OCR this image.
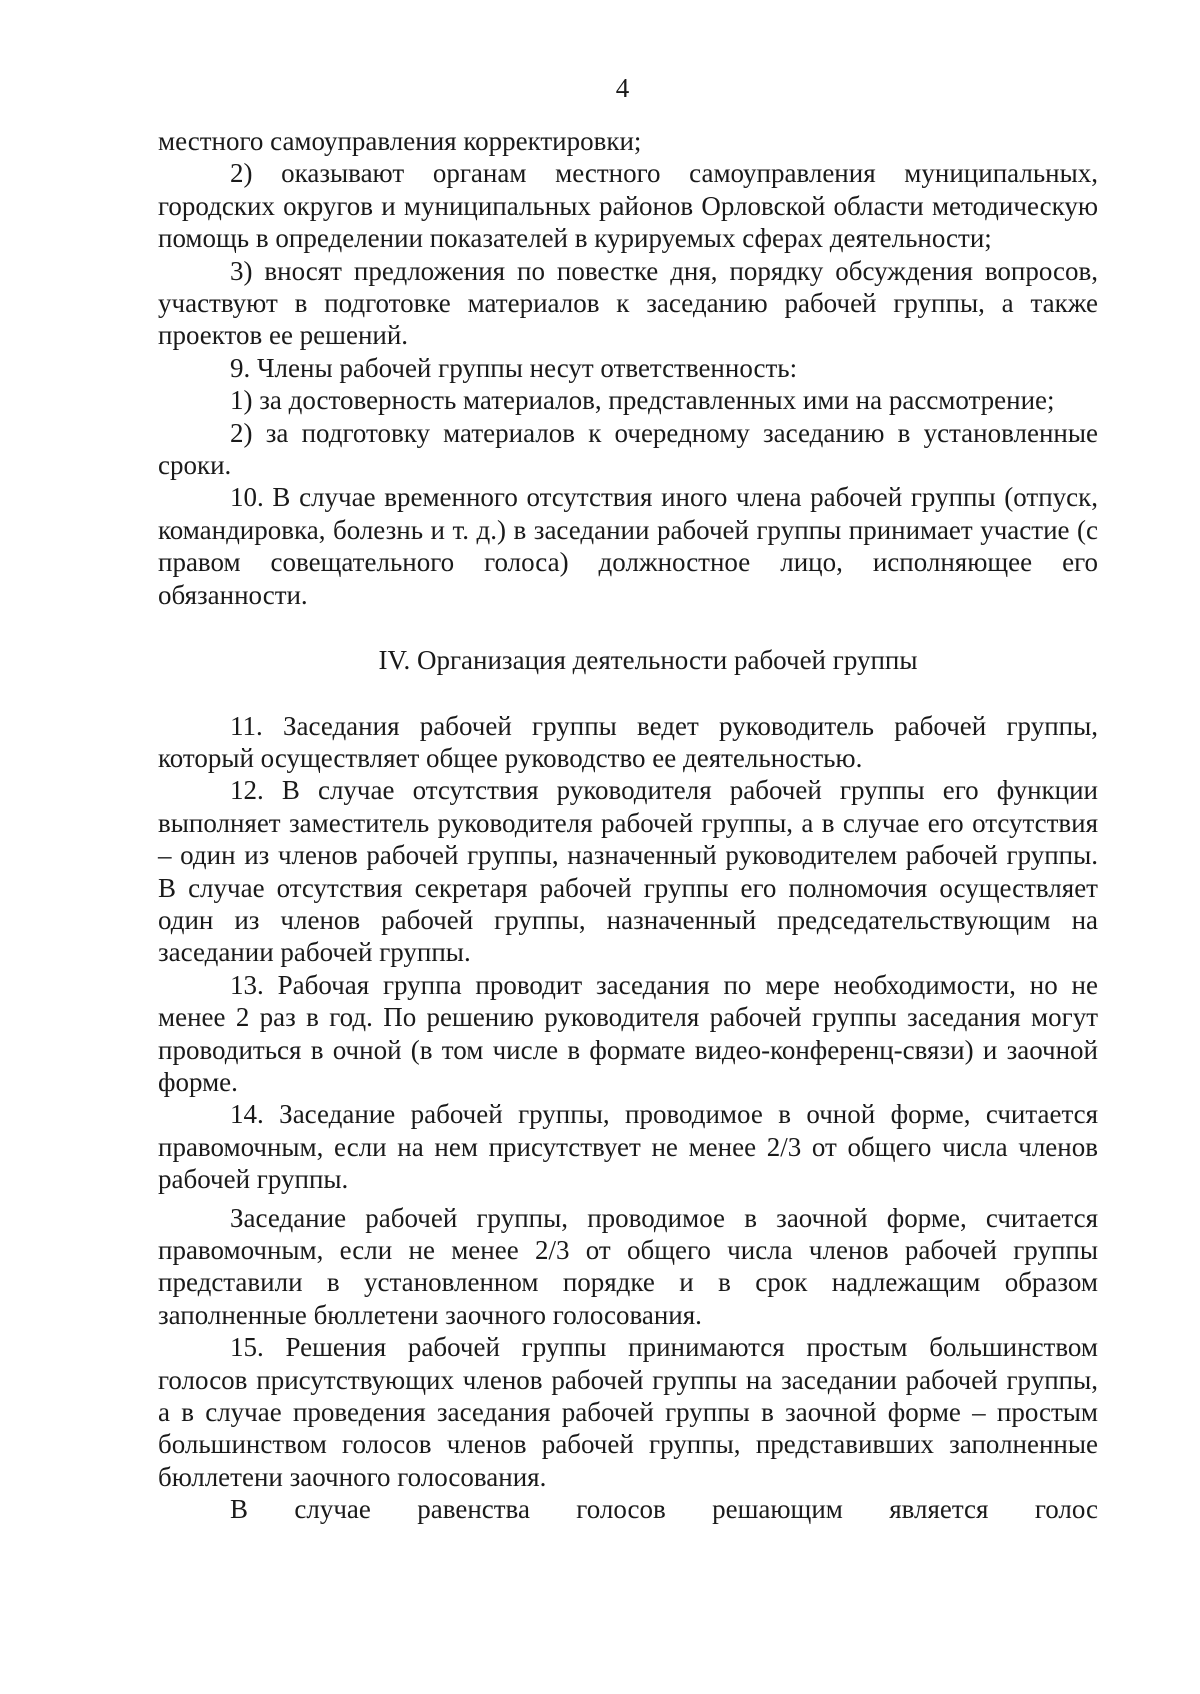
4

местного самоуправления корректировки;

2) оказывают органам местного самоуправления муниципальных, городских округов и муниципальных районов Орловской области методическую помощь в определении показателей в курируемых сферах деятельности;

3) вносят предложения по повестке дня, порядку обсуждения вопросов, участвуют в подготовке материалов к заседанию рабочей группы, а также проектов ее решений.

9. Члены рабочей группы несут ответственность:

1) за достоверность материалов, представленных ими на рассмотрение;

2) за подготовку материалов к очередному заседанию в установленные сроки.

10. В случае временного отсутствия иного члена рабочей группы (отпуск, командировка, болезнь и т. д.) в заседании рабочей группы принимает участие (с правом совещательного голоса) должностное лицо, исполняющее его обязанности.

IV. Организация деятельности рабочей группы

11. Заседания рабочей группы ведет руководитель рабочей группы, который осуществляет общее руководство ее деятельностью.

12. В случае отсутствия руководителя рабочей группы его функции выполняет заместитель руководителя рабочей группы, а в случае его отсутствия – один из членов рабочей группы, назначенный руководителем рабочей группы. В случае отсутствия секретаря рабочей группы его полномочия осуществляет один из членов рабочей группы, назначенный председательствующим на заседании рабочей группы.

13. Рабочая группа проводит заседания по мере необходимости, но не менее 2 раз в год. По решению руководителя рабочей группы заседания могут проводиться в очной (в том числе в формате видео-конференц-связи) и заочной форме.

14. Заседание рабочей группы, проводимое в очной форме, считается правомочным, если на нем присутствует не менее 2/3 от общего числа членов рабочей группы.

Заседание рабочей группы, проводимое в заочной форме, считается правомочным, если не менее 2/3 от общего числа членов рабочей группы представили в установленном порядке и в срок надлежащим образом заполненные бюллетени заочного голосования.

15. Решения рабочей группы принимаются простым большинством голосов присутствующих членов рабочей группы на заседании рабочей группы, а в случае проведения заседания рабочей группы в заочной форме – простым большинством голосов членов рабочей группы, представивших заполненные бюллетени заочного голосования.

В случае равенства голосов решающим является голос
